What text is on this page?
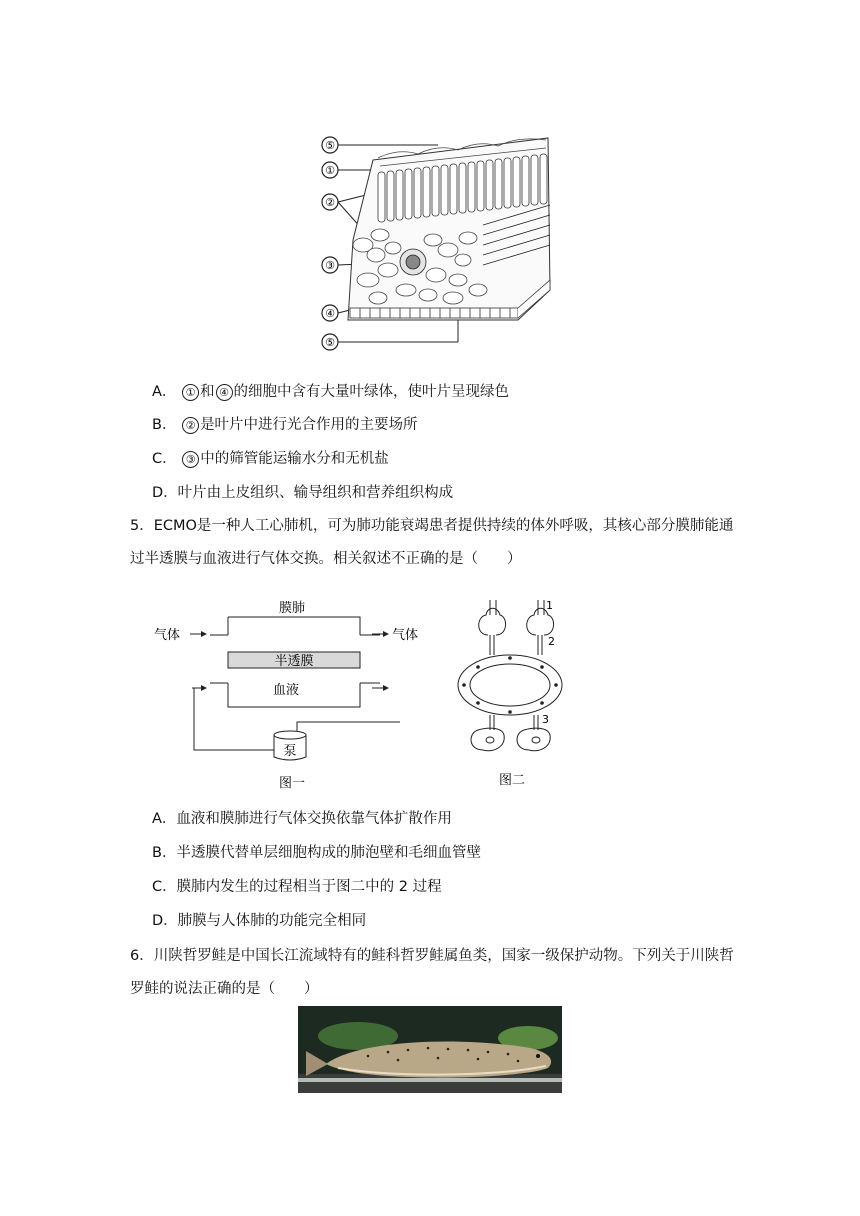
⑤
①
②
③
④
⑤
A． ① 和 ④ 的细胞中含有大量叶绿体，使叶片呈现绿色
B． ② 是叶片中进行光合作用的主要场所
C． ③ 中的筛管能运输水分和无机盐
D．叶片由上皮组织、输导组织和营养组织构成
5．ECMO是一种人工心肺机，可为肺功能衰竭患者提供持续的体外呼吸，其核心部分膜肺能通过半透膜与血液进行气体交换。相关叙述不正确的是（　　）
膜肺
气体	气体
半透膜
血液
泵
图一
1
2
3
图二
A．血液和膜肺进行气体交换依靠气体扩散作用
B．半透膜代替单层细胞构成的肺泡壁和毛细血管壁
C．膜肺内发生的过程相当于图二中的 2 过程
D．肺膜与人体肺的功能完全相同
6．川陕哲罗鲑是中国长江流域特有的鲑科哲罗鲑属鱼类，国家一级保护动物。下列关于川陕哲罗鲑的说法正确的是（　　）
